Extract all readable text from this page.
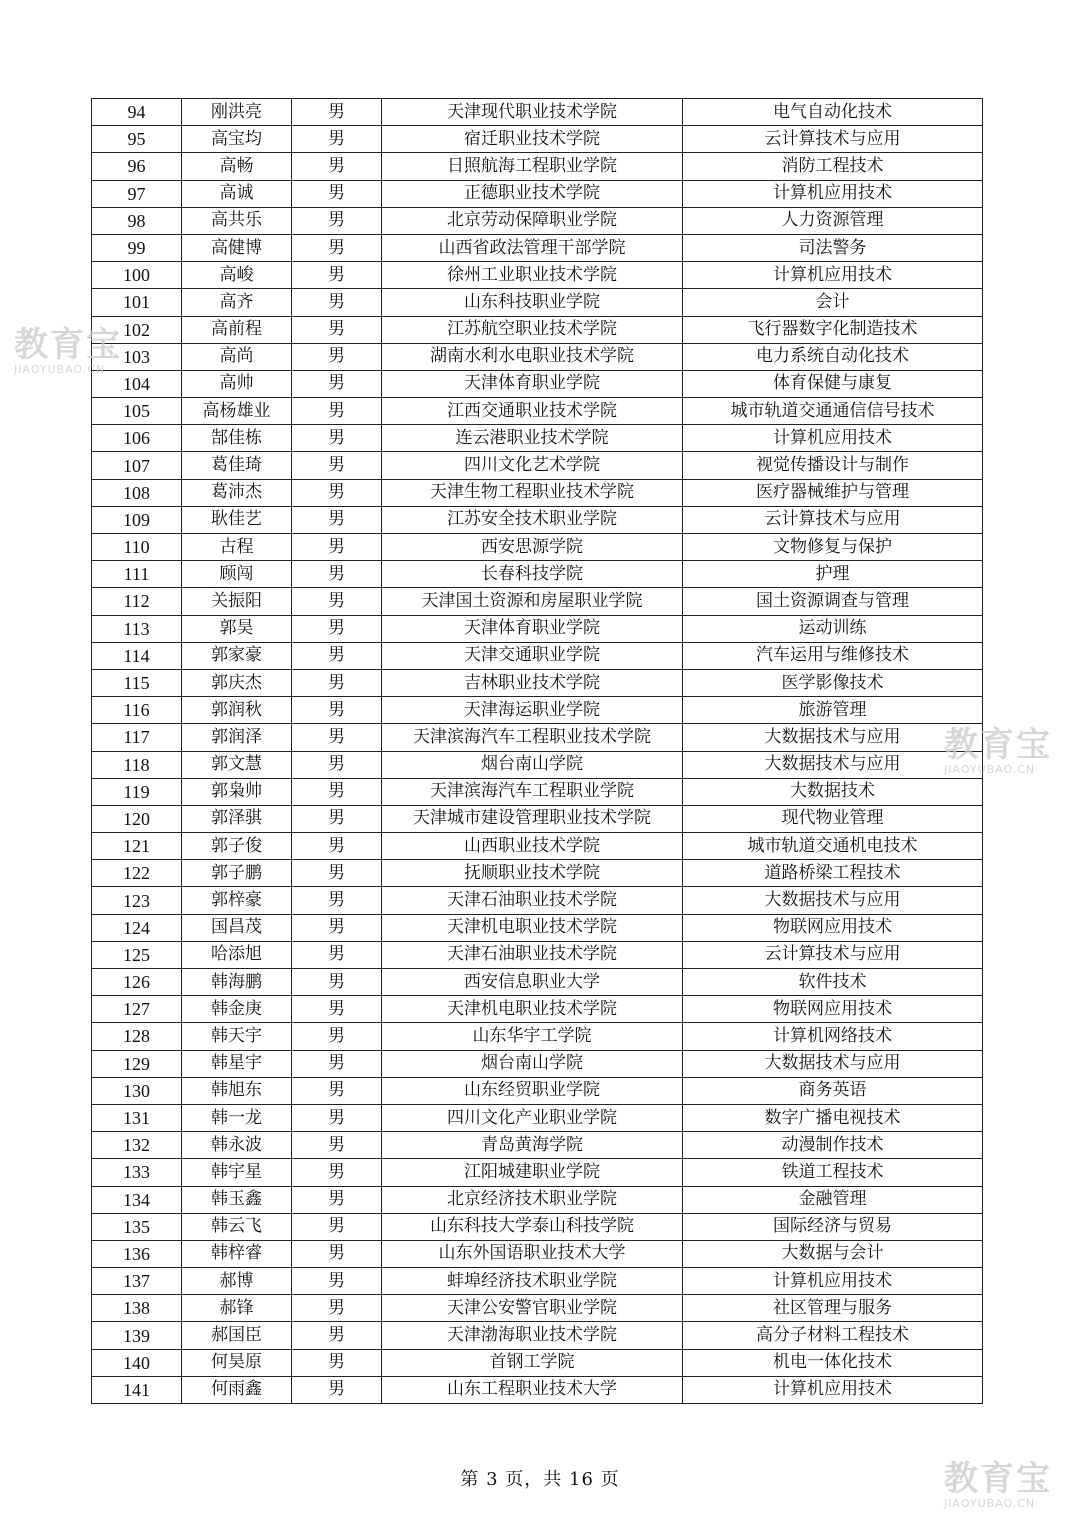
94	刚洪亮	男	天津现代职业技术学院	电气自动化技术
95	高宝均	男	宿迁职业技术学院	云计算技术与应用
96	高畅	男	日照航海工程职业学院	消防工程技术
97	高诚	男	正德职业技术学院	计算机应用技术
98	高共乐	男	北京劳动保障职业学院	人力资源管理
99	高健博	男	山西省政法管理干部学院	司法警务
100	高峻	男	徐州工业职业技术学院	计算机应用技术
101	高齐	男	山东科技职业学院	会计
102	高前程	男	江苏航空职业技术学院	飞行器数字化制造技术
103	高尚	男	湖南水利水电职业技术学院	电力系统自动化技术
104	高帅	男	天津体育职业学院	体育保健与康复
105	高杨雄业	男	江西交通职业技术学院	城市轨道交通通信信号技术
106	郜佳栋	男	连云港职业技术学院	计算机应用技术
107	葛佳琦	男	四川文化艺术学院	视觉传播设计与制作
108	葛沛杰	男	天津生物工程职业技术学院	医疗器械维护与管理
109	耿佳艺	男	江苏安全技术职业学院	云计算技术与应用
110	古程	男	西安思源学院	文物修复与保护
111	顾闯	男	长春科技学院	护理
112	关振阳	男	天津国土资源和房屋职业学院	国土资源调查与管理
113	郭昊	男	天津体育职业学院	运动训练
114	郭家豪	男	天津交通职业学院	汽车运用与维修技术
115	郭庆杰	男	吉林职业技术学院	医学影像技术
116	郭润秋	男	天津海运职业学院	旅游管理
117	郭润泽	男	天津滨海汽车工程职业技术学院	大数据技术与应用
118	郭文慧	男	烟台南山学院	大数据技术与应用
119	郭枭帅	男	天津滨海汽车工程职业学院	大数据技术
120	郭泽骐	男	天津城市建设管理职业技术学院	现代物业管理
121	郭子俊	男	山西职业技术学院	城市轨道交通机电技术
122	郭子鹏	男	抚顺职业技术学院	道路桥梁工程技术
123	郭梓豪	男	天津石油职业技术学院	大数据技术与应用
124	国昌茂	男	天津机电职业技术学院	物联网应用技术
125	哈添旭	男	天津石油职业技术学院	云计算技术与应用
126	韩海鹏	男	西安信息职业大学	软件技术
127	韩金庚	男	天津机电职业技术学院	物联网应用技术
128	韩天宇	男	山东华宇工学院	计算机网络技术
129	韩星宇	男	烟台南山学院	大数据技术与应用
130	韩旭东	男	山东经贸职业学院	商务英语
131	韩一龙	男	四川文化产业职业学院	数字广播电视技术
132	韩永波	男	青岛黄海学院	动漫制作技术
133	韩宇星	男	江阳城建职业学院	铁道工程技术
134	韩玉鑫	男	北京经济技术职业学院	金融管理
135	韩云飞	男	山东科技大学泰山科技学院	国际经济与贸易
136	韩梓睿	男	山东外国语职业技术大学	大数据与会计
137	郝博	男	蚌埠经济技术职业学院	计算机应用技术
138	郝锋	男	天津公安警官职业学院	社区管理与服务
139	郝国臣	男	天津渤海职业技术学院	高分子材料工程技术
140	何昊原	男	首钢工学院	机电一体化技术
141	何雨鑫	男	山东工程职业技术大学	计算机应用技术
第 3 页，共 16 页
教育宝
JIAOYUBAO.CN
教育宝
JIAOYUBAO.CN
教育宝
JIAOYUBAO.CN
